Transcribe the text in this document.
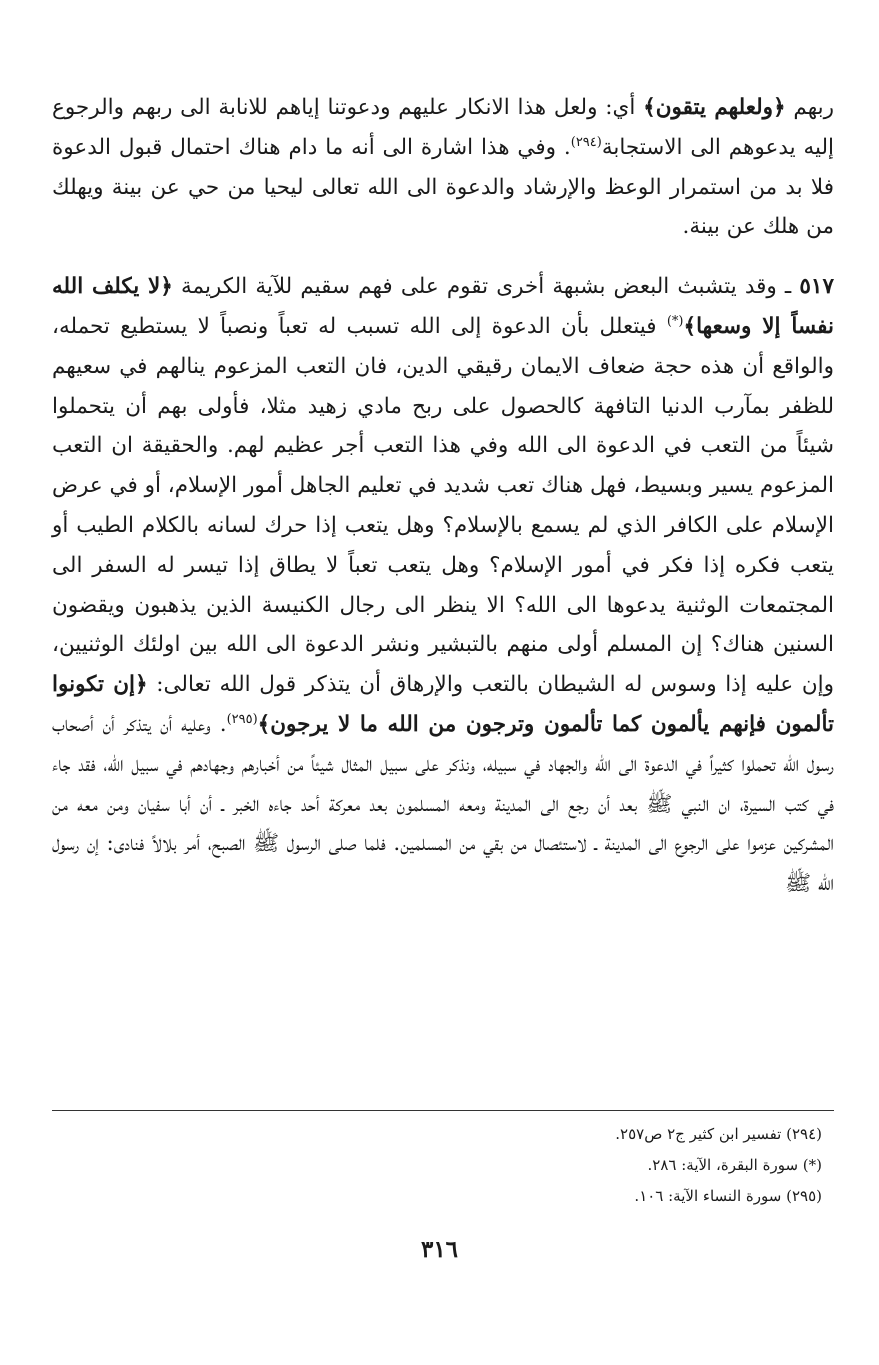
ربهم ﴿ولعلهم يتقون﴾ أي: ولعل هذا الانكار عليهم ودعوتنا إياهم للانابة الى ربهم والرجوع إليه يدعوهم الى الاستجابة$^{(٢٩٤)}$. وفي هذا اشارة الى أنه ما دام هناك احتمال قبول الدعوة فلا بد من استمرار الوعظ والإرشاد والدعوة الى الله تعالى ليحيا من حي عن بينة ويهلك من هلك عن بينة.

٥١٧ ـ وقد يتشبث البعض بشبهة أخرى تقوم على فهم سقيم للآية الكريمة ﴿لا يكلف الله نفساً إلا وسعها﴾(*) فيتعلل بأن الدعوة إلى الله تسبب له تعباً ونصباً لا يستطيع تحمله، والواقع أن هذه حجة ضعاف الايمان رقيقي الدين، فان التعب المزعوم ينالهم في سعيهم للظفر بمآرب الدنيا التافهة كالحصول على ربح مادي زهيد مثلا، فأولى بهم أن يتحملوا شيئاً من التعب في الدعوة الى الله وفي هذا التعب أجر عظيم لهم. والحقيقة ان التعب المزعوم يسير وبسيط، فهل هناك تعب شديد في تعليم الجاهل أمور الإسلام، أو في عرض الإسلام على الكافر الذي لم يسمع بالإسلام؟ وهل يتعب إذا حرك لسانه بالكلام الطيب أو يتعب فكره إذا فكر في أمور الإسلام؟ وهل يتعب تعباً لا يطاق إذا تيسر له السفر الى المجتمعات الوثنية يدعوها الى الله؟ الا ينظر الى رجال الكنيسة الذين يذهبون ويقضون السنين هناك؟ إن المسلم أولى منهم بالتبشير ونشر الدعوة الى الله بين اولئك الوثنيين، وإن عليه إذا وسوس له الشيطان بالتعب والإرهاق أن يتذكر قول الله تعالى: ﴿إن تكونوا تألمون فإنهم يألمون كما تألمون وترجون من الله ما لا يرجون﴾$^{(٢٩٥)}$. وعليه أن يتذكر أن أصحاب رسول الله تحملوا كثيراً في الدعوة الى الله والجهاد في سبيله، ونذكر على سبيل المثال شيئاً من أخبارهم وجهادهم في سبيل الله، فقد جاء في كتب السيرة، ان النبي ﷺ بعد أن رجع الى المدينة ومعه المسلمون بعد معركة أحد جاءه الخبر ـ أن أبا سفيان ومن معه من المشركين عزموا على الرجوع الى المدينة ـ لاستئصال من بقي من المسلمين. فلما صلى الرسول ﷺ الصبح، أمر بلالاً فنادى: إن رسول الله ﷺ

(٢٩٤) تفسير ابن كثير ج٢ ص٢٥٧.

(*) سورة البقرة، الآية: ٢٨٦.

(٢٩٥) سورة النساء الآية: ١٠٦.

٣١٦
